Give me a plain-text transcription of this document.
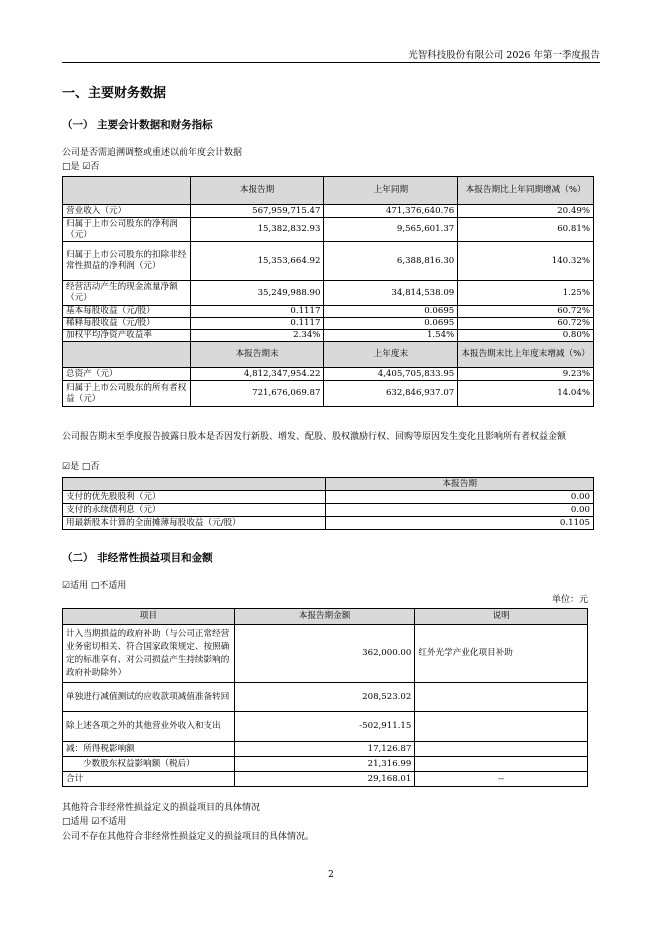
光智科技股份有限公司 2026 年第一季度报告
一、主要财务数据
（一） 主要会计数据和财务指标
公司是否需追溯调整或重述以前年度会计数据
□是 ☑否
	本报告期	上年同期	本报告期比上年同期增减（%）
营业收入（元）	567,959,715.47	471,376,640.76	20.49%
归属于上市公司股东的净利润（元）	15,382,832.93	9,565,601.37	60.81%
归属于上市公司股东的扣除非经常性损益的净利润（元）	15,353,664.92	6,388,816.30	140.32%
经营活动产生的现金流量净额（元）	35,249,988.90	34,814,538.09	1.25%
基本每股收益（元/股）	0.1117	0.0695	60.72%
稀释每股收益（元/股）	0.1117	0.0695	60.72%
加权平均净资产收益率	2.34%	1.54%	0.80%
	本报告期末	上年度末	本报告期末比上年度末增减（%）
总资产（元）	4,812,347,954.22	4,405,705,833.95	9.23%
归属于上市公司股东的所有者权益（元）	721,676,069.87	632,846,937.07	14.04%
公司报告期末至季度报告披露日股本是否因发行新股、增发、配股、股权激励行权、回购等原因发生变化且影响所有者权益金额
☑是 □否
	本报告期
支付的优先股股利（元）	0.00
支付的永续债利息（元）	0.00
用最新股本计算的全面摊薄每股收益（元/股）	0.1105
（二） 非经常性损益项目和金额
☑适用 □不适用
单位：元
项目	本报告期金额	说明
计入当期损益的政府补助（与公司正常经营业务密切相关、符合国家政策规定、按照确定的标准享有、对公司损益产生持续影响的政府补助除外）	362,000.00	红外光学产业化项目补助
单独进行减值测试的应收款项减值准备转回	208,523.02	
除上述各项之外的其他营业外收入和支出	-502,911.15	
减：所得税影响额	17,126.87	
少数股东权益影响额（税后）	21,316.99	
合计	29,168.01	--
其他符合非经常性损益定义的损益项目的具体情况
□适用 ☑不适用
公司不存在其他符合非经常性损益定义的损益项目的具体情况。
2
